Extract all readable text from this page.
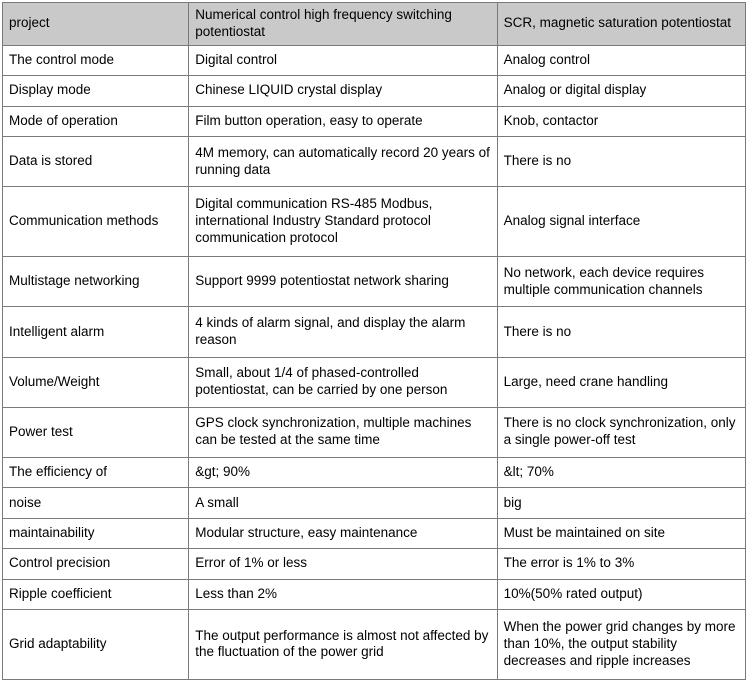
project	Numerical control high frequency switching potentiostat	SCR, magnetic saturation potentiostat
The control mode	Digital control	Analog control
Display mode	Chinese LIQUID crystal display	Analog or digital display
Mode of operation	Film button operation, easy to operate	Knob, contactor
Data is stored	4M memory, can automatically record 20 years of running data	There is no
Communication methods	Digital communication RS-485 Modbus, international Industry Standard protocol communication protocol	Analog signal interface
Multistage networking	Support 9999 potentiostat network sharing	No network, each device requires multiple communication channels
Intelligent alarm	4 kinds of alarm signal, and display the alarm reason	There is no
Volume/Weight	Small, about 1/4 of phased-controlled potentiostat, can be carried by one person	Large, need crane handling
Power test	GPS clock synchronization, multiple machines can be tested at the same time	There is no clock synchronization, only a single power-off test
The efficiency of	&gt; 90%	&lt; 70%
noise	A small	big
maintainability	Modular structure, easy maintenance	Must be maintained on site
Control precision	Error of 1% or less	The error is 1% to 3%
Ripple coefficient	Less than 2%	10%(50% rated output)
Grid adaptability	The output performance is almost not affected by the fluctuation of the power grid	When the power grid changes by more than 10%, the output stability decreases and ripple increases
